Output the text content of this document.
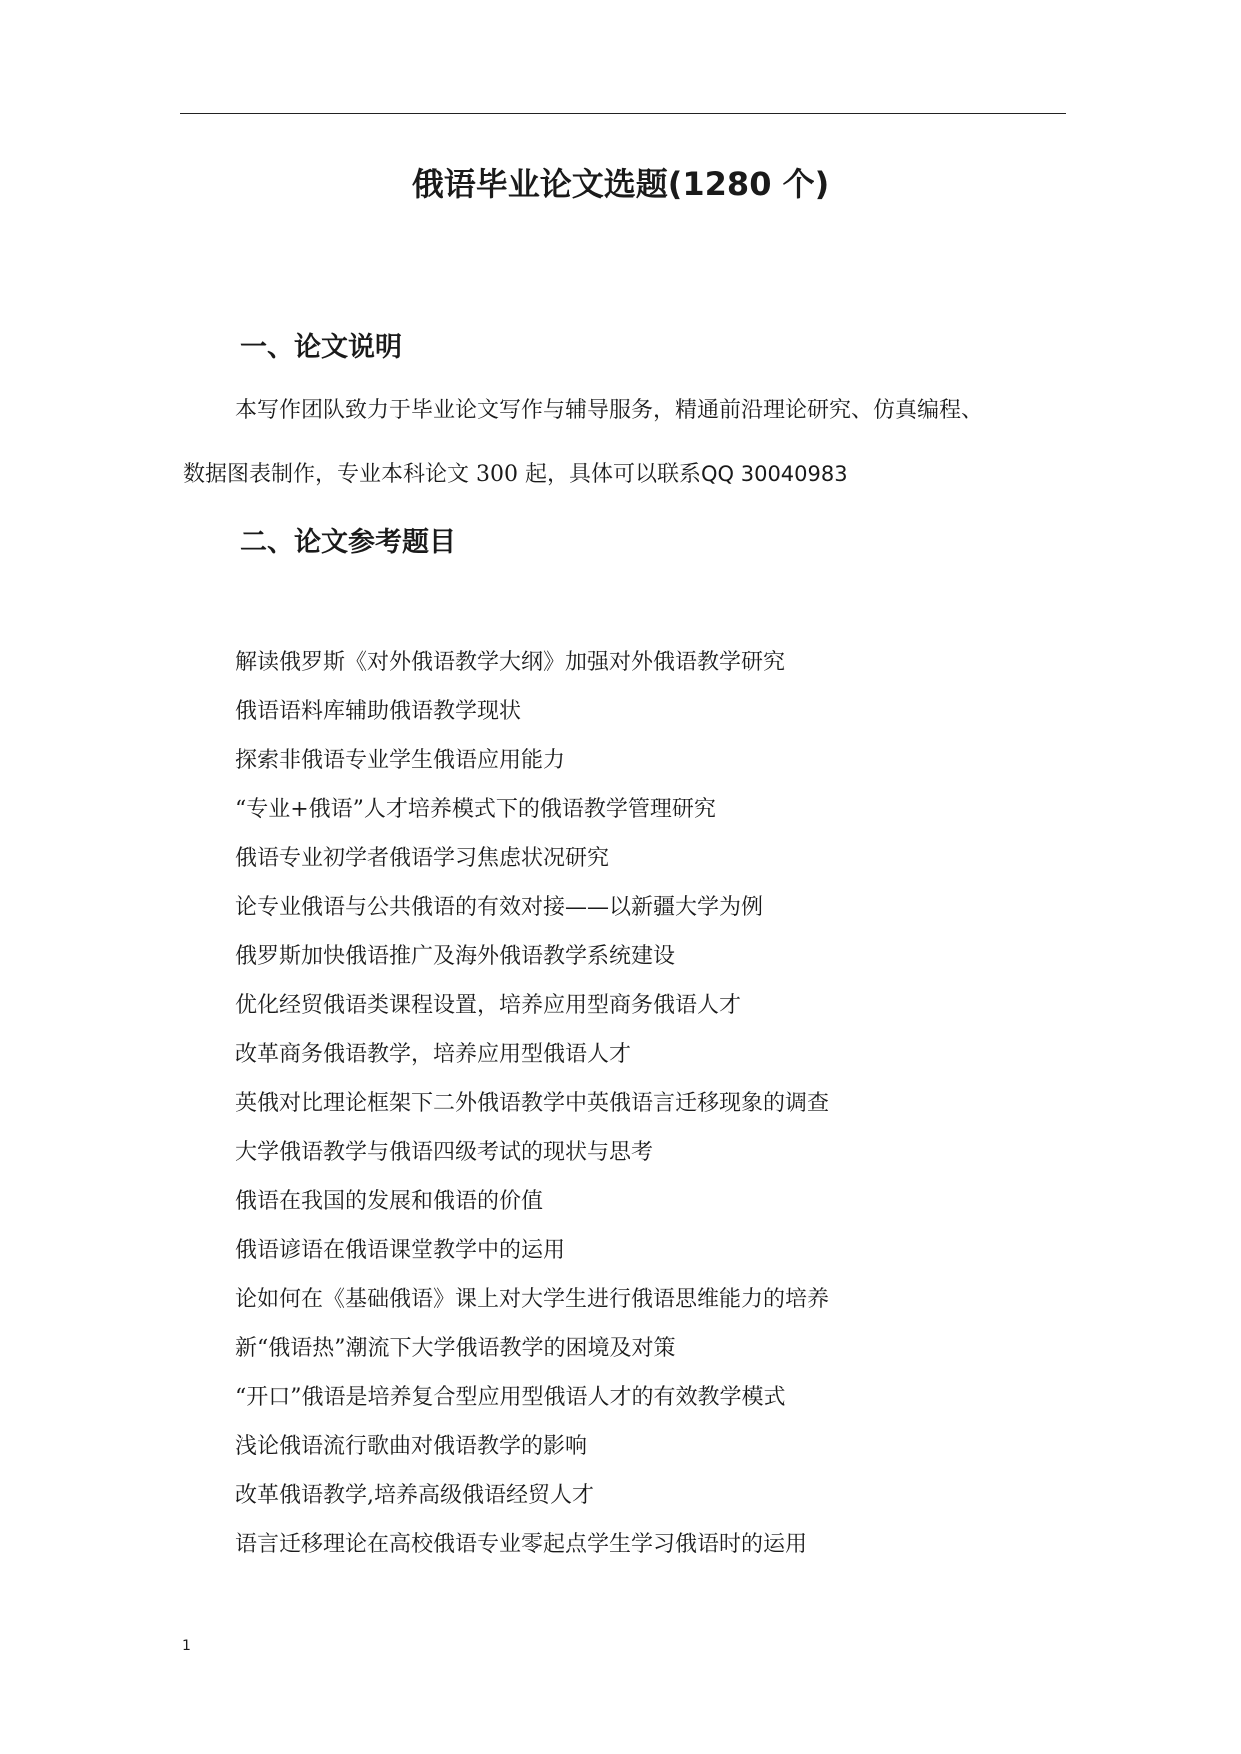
俄语毕业论文选题(1280 个)
一、论文说明

本写作团队致力于毕业论文写作与辅导服务，精通前沿理论研究、仿真编程、

数据图表制作，专业本科论文 300 起，具体可以联系QQ 30040983

二、论文参考题目
解读俄罗斯《对外俄语教学大纲》加强对外俄语教学研究
俄语语料库辅助俄语教学现状
探索非俄语专业学生俄语应用能力
“专业+俄语”人才培养模式下的俄语教学管理研究
俄语专业初学者俄语学习焦虑状况研究
论专业俄语与公共俄语的有效对接——以新疆大学为例
俄罗斯加快俄语推广及海外俄语教学系统建设
优化经贸俄语类课程设置，培养应用型商务俄语人才
改革商务俄语教学，培养应用型俄语人才
英俄对比理论框架下二外俄语教学中英俄语言迁移现象的调查
大学俄语教学与俄语四级考试的现状与思考
俄语在我国的发展和俄语的价值
俄语谚语在俄语课堂教学中的运用
论如何在《基础俄语》课上对大学生进行俄语思维能力的培养
新“俄语热”潮流下大学俄语教学的困境及对策
“开口”俄语是培养复合型应用型俄语人才的有效教学模式
浅论俄语流行歌曲对俄语教学的影响
改革俄语教学,培养高级俄语经贸人才
语言迁移理论在高校俄语专业零起点学生学习俄语时的运用
1
